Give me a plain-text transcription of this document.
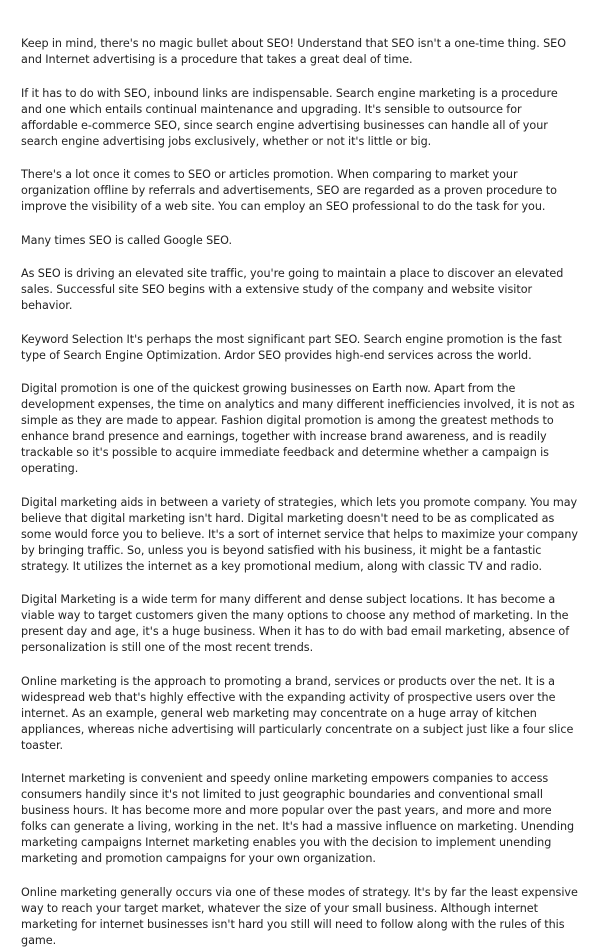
Keep in mind, there's no magic bullet about SEO! Understand that SEO isn't a one-time thing. SEO and Internet advertising is a procedure that takes a great deal of time.

If it has to do with SEO, inbound links are indispensable. Search engine marketing is a procedure and one which entails continual maintenance and upgrading. It's sensible to outsource for affordable e-commerce SEO, since search engine advertising businesses can handle all of your search engine advertising jobs exclusively, whether or not it's little or big.

There's a lot once it comes to SEO or articles promotion. When comparing to market your organization offline by referrals and advertisements, SEO are regarded as a proven procedure to improve the visibility of a web site. You can employ an SEO professional to do the task for you.

Many times SEO is called Google SEO.

As SEO is driving an elevated site traffic, you're going to maintain a place to discover an elevated sales. Successful site SEO begins with a extensive study of the company and website visitor behavior.

Keyword Selection It's perhaps the most significant part SEO. Search engine promotion is the fast type of Search Engine Optimization. Ardor SEO provides high-end services across the world.

Digital promotion is one of the quickest growing businesses on Earth now. Apart from the development expenses, the time on analytics and many different inefficiencies involved, it is not as simple as they are made to appear. Fashion digital promotion is among the greatest methods to enhance brand presence and earnings, together with increase brand awareness, and is readily trackable so it's possible to acquire immediate feedback and determine whether a campaign is operating.

Digital marketing aids in between a variety of strategies, which lets you promote company. You may believe that digital marketing isn't hard. Digital marketing doesn't need to be as complicated as some would force you to believe. It's a sort of internet service that helps to maximize your company by bringing traffic. So, unless you is beyond satisfied with his business, it might be a fantastic strategy. It utilizes the internet as a key promotional medium, along with classic TV and radio.

Digital Marketing is a wide term for many different and dense subject locations. It has become a viable way to target customers given the many options to choose any method of marketing. In the present day and age, it's a huge business. When it has to do with bad email marketing, absence of personalization is still one of the most recent trends.

Online marketing is the approach to promoting a brand, services or products over the net. It is a widespread web that's highly effective with the expanding activity of prospective users over the internet. As an example, general web marketing may concentrate on a huge array of kitchen appliances, whereas niche advertising will particularly concentrate on a subject just like a four slice toaster.

Internet marketing is convenient and speedy online marketing empowers companies to access consumers handily since it's not limited to just geographic boundaries and conventional small business hours. It has become more and more popular over the past years, and more and more folks can generate a living, working in the net. It's had a massive influence on marketing. Unending marketing campaigns Internet marketing enables you with the decision to implement unending marketing and promotion campaigns for your own organization.

Online marketing generally occurs via one of these modes of strategy. It's by far the least expensive way to reach your target market, whatever the size of your small business. Although internet marketing for internet businesses isn't hard you still will need to follow along with the rules of this game.
